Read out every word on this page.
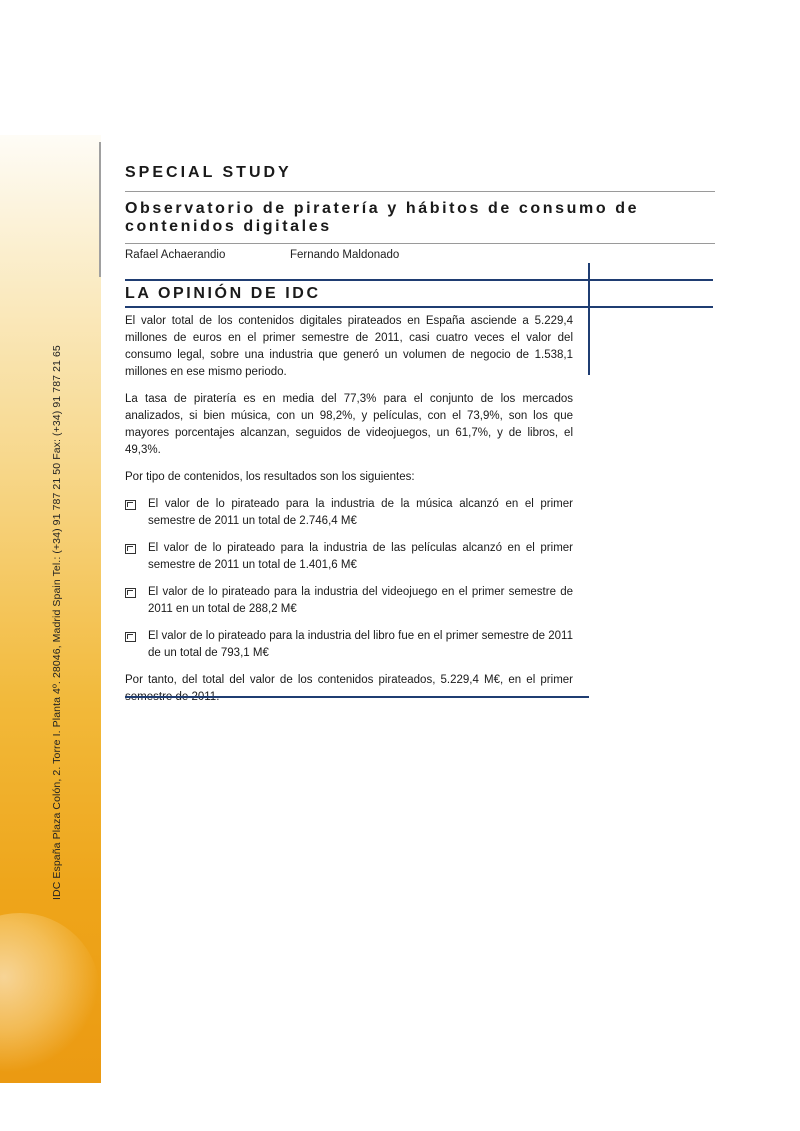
IDC España Plaza Colón, 2. Torre I. Planta 4º. 28046, Madrid Spain Tel.: (+34) 91 787 21 50 Fax: (+34) 91 787 21 65
SPECIAL STUDY
Observatorio de piratería y hábitos de consumo de contenidos digitales
Rafael Achaerandio	Fernando Maldonado
LA OPINIÓN DE IDC

El valor total de los contenidos digitales pirateados en España asciende a 5.229,4 millones de euros en el primer semestre de 2011, casi cuatro veces el valor del consumo legal, sobre una industria que generó un volumen de negocio de 1.538,1 millones en ese mismo periodo.

La tasa de piratería es en media del 77,3% para el conjunto de los mercados analizados, si bien música, con un 98,2%, y películas, con el 73,9%, son los que mayores porcentajes alcanzan, seguidos de videojuegos, un 61,7%, y de libros, el 49,3%.

Por tipo de contenidos, los resultados son los siguientes:

El valor de lo pirateado para la industria de la música alcanzó en el primer semestre de 2011 un total de 2.746,4 M€
El valor de lo pirateado para la industria de las películas alcanzó en el primer semestre de 2011 un total de 1.401,6 M€
El valor de lo pirateado para la industria del videojuego en el primer semestre de 2011 en un total de 288,2 M€
El valor de lo pirateado para la industria del libro fue en el primer semestre de 2011 de un total de 793,1 M€

Por tanto, del total del valor de los contenidos pirateados, 5.229,4 M€, en el primer
